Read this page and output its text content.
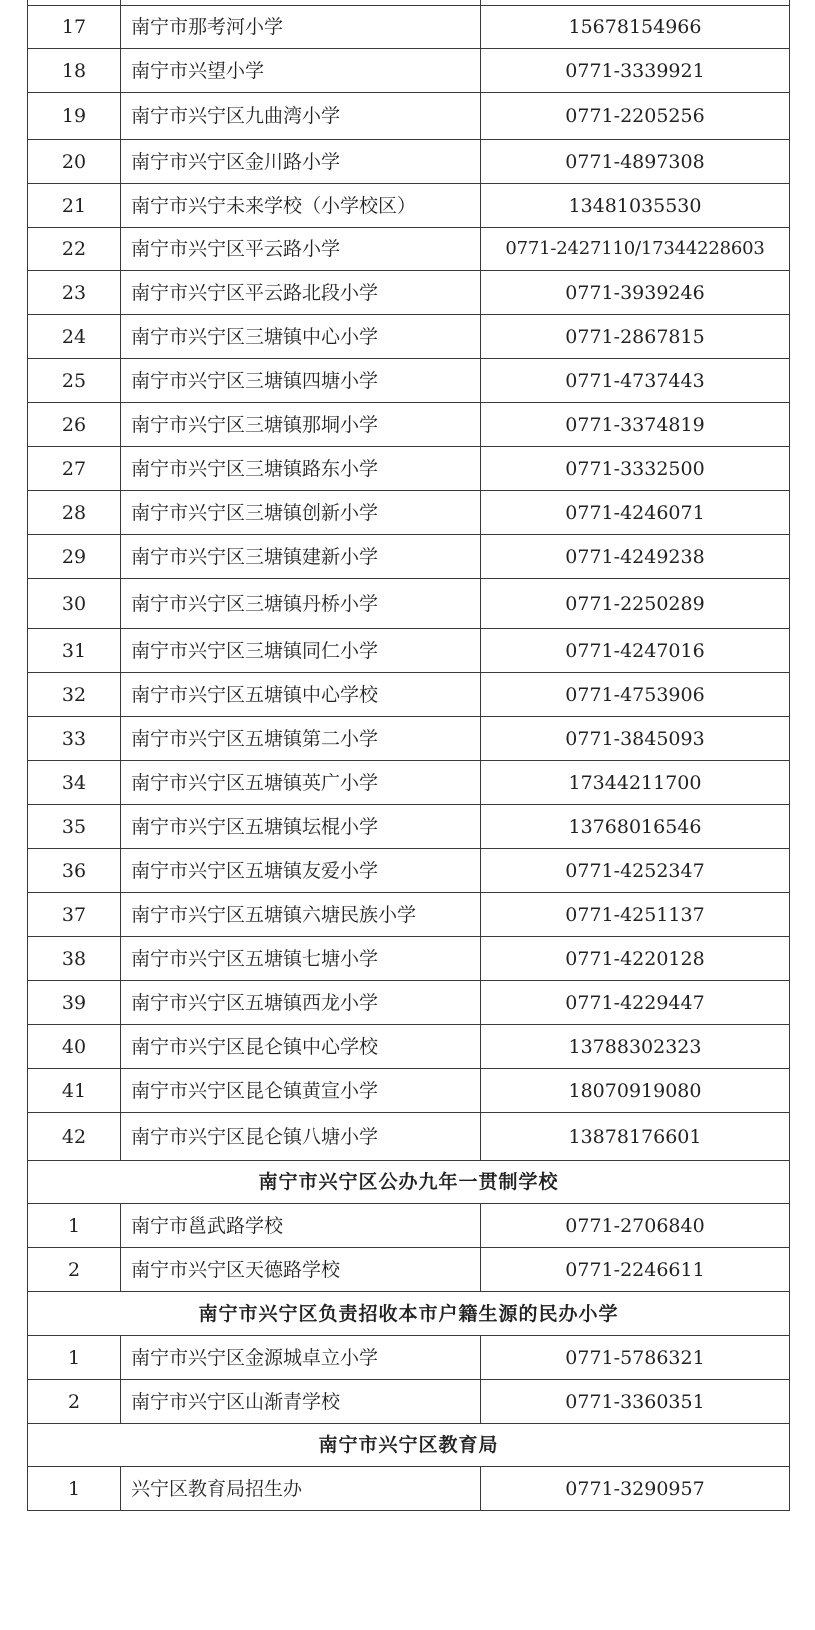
17	南宁市那考河小学	15678154966
18	南宁市兴望小学	0771-3339921
19	南宁市兴宁区九曲湾小学	0771-2205256
20	南宁市兴宁区金川路小学	0771-4897308
21	南宁市兴宁未来学校（小学校区）	13481035530
22	南宁市兴宁区平云路小学	0771-2427110/17344228603
23	南宁市兴宁区平云路北段小学	0771-3939246
24	南宁市兴宁区三塘镇中心小学	0771-2867815
25	南宁市兴宁区三塘镇四塘小学	0771-4737443
26	南宁市兴宁区三塘镇那垌小学	0771-3374819
27	南宁市兴宁区三塘镇路东小学	0771-3332500
28	南宁市兴宁区三塘镇创新小学	0771-4246071
29	南宁市兴宁区三塘镇建新小学	0771-4249238
30	南宁市兴宁区三塘镇丹桥小学	0771-2250289
31	南宁市兴宁区三塘镇同仁小学	0771-4247016
32	南宁市兴宁区五塘镇中心学校	0771-4753906
33	南宁市兴宁区五塘镇第二小学	0771-3845093
34	南宁市兴宁区五塘镇英广小学	17344211700
35	南宁市兴宁区五塘镇坛棍小学	13768016546
36	南宁市兴宁区五塘镇友爱小学	0771-4252347
37	南宁市兴宁区五塘镇六塘民族小学	0771-4251137
38	南宁市兴宁区五塘镇七塘小学	0771-4220128
39	南宁市兴宁区五塘镇西龙小学	0771-4229447
40	南宁市兴宁区昆仑镇中心学校	13788302323
41	南宁市兴宁区昆仑镇黄宣小学	18070919080
42	南宁市兴宁区昆仑镇八塘小学	13878176601
南宁市兴宁区公办九年一贯制学校		
1	南宁市邕武路学校	0771-2706840
2	南宁市兴宁区天德路学校	0771-2246611
南宁市兴宁区负责招收本市户籍生源的民办小学		
1	南宁市兴宁区金源城卓立小学	0771-5786321
2	南宁市兴宁区山渐青学校	0771-3360351
南宁市兴宁区教育局		
1	兴宁区教育局招生办	0771-3290957
